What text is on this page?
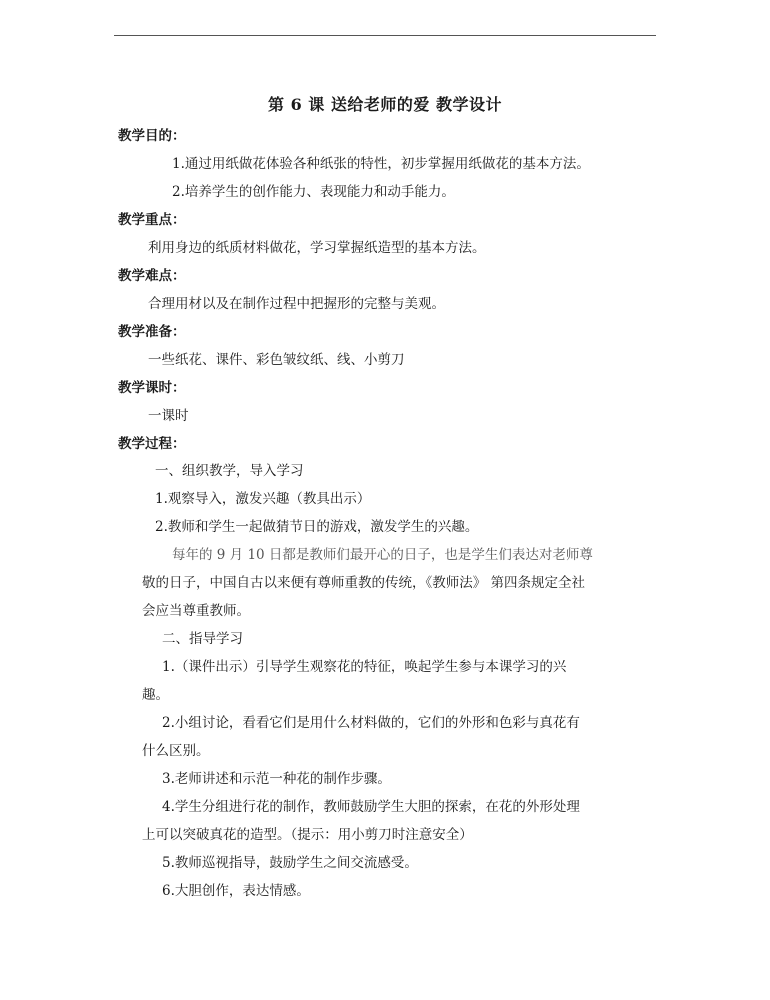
第 6 课 送给老师的爱 教学设计
教学目的：
1.通过用纸做花体验各种纸张的特性，初步掌握用纸做花的基本方法。
2.培养学生的创作能力、表现能力和动手能力。
教学重点：
利用身边的纸质材料做花，学习掌握纸造型的基本方法。
教学难点：
合理用材以及在制作过程中把握形的完整与美观。
教学准备：
一些纸花、课件、彩色皱纹纸、线、小剪刀
教学课时：
一课时
教学过程：
一、组织教学，导入学习
1.观察导入，激发兴趣（教具出示）
2.教师和学生一起做猜节日的游戏，激发学生的兴趣。
每年的 9 月 10 日都是教师们最开心的日子，也是学生们表达对老师尊
敬的日子，中国自古以来便有尊师重教的传统，《教师法》 第四条规定全社
会应当尊重教师。
二、指导学习
1.（课件出示）引导学生观察花的特征，唤起学生参与本课学习的兴
趣。
2.小组讨论，看看它们是用什么材料做的，它们的外形和色彩与真花有
什么区别。
3.老师讲述和示范一种花的制作步骤。
4.学生分组进行花的制作，教师鼓励学生大胆的探索，在花的外形处理
上可以突破真花的造型。（提示：用小剪刀时注意安全）
5.教师巡视指导，鼓励学生之间交流感受。
6.大胆创作，表达情感。
